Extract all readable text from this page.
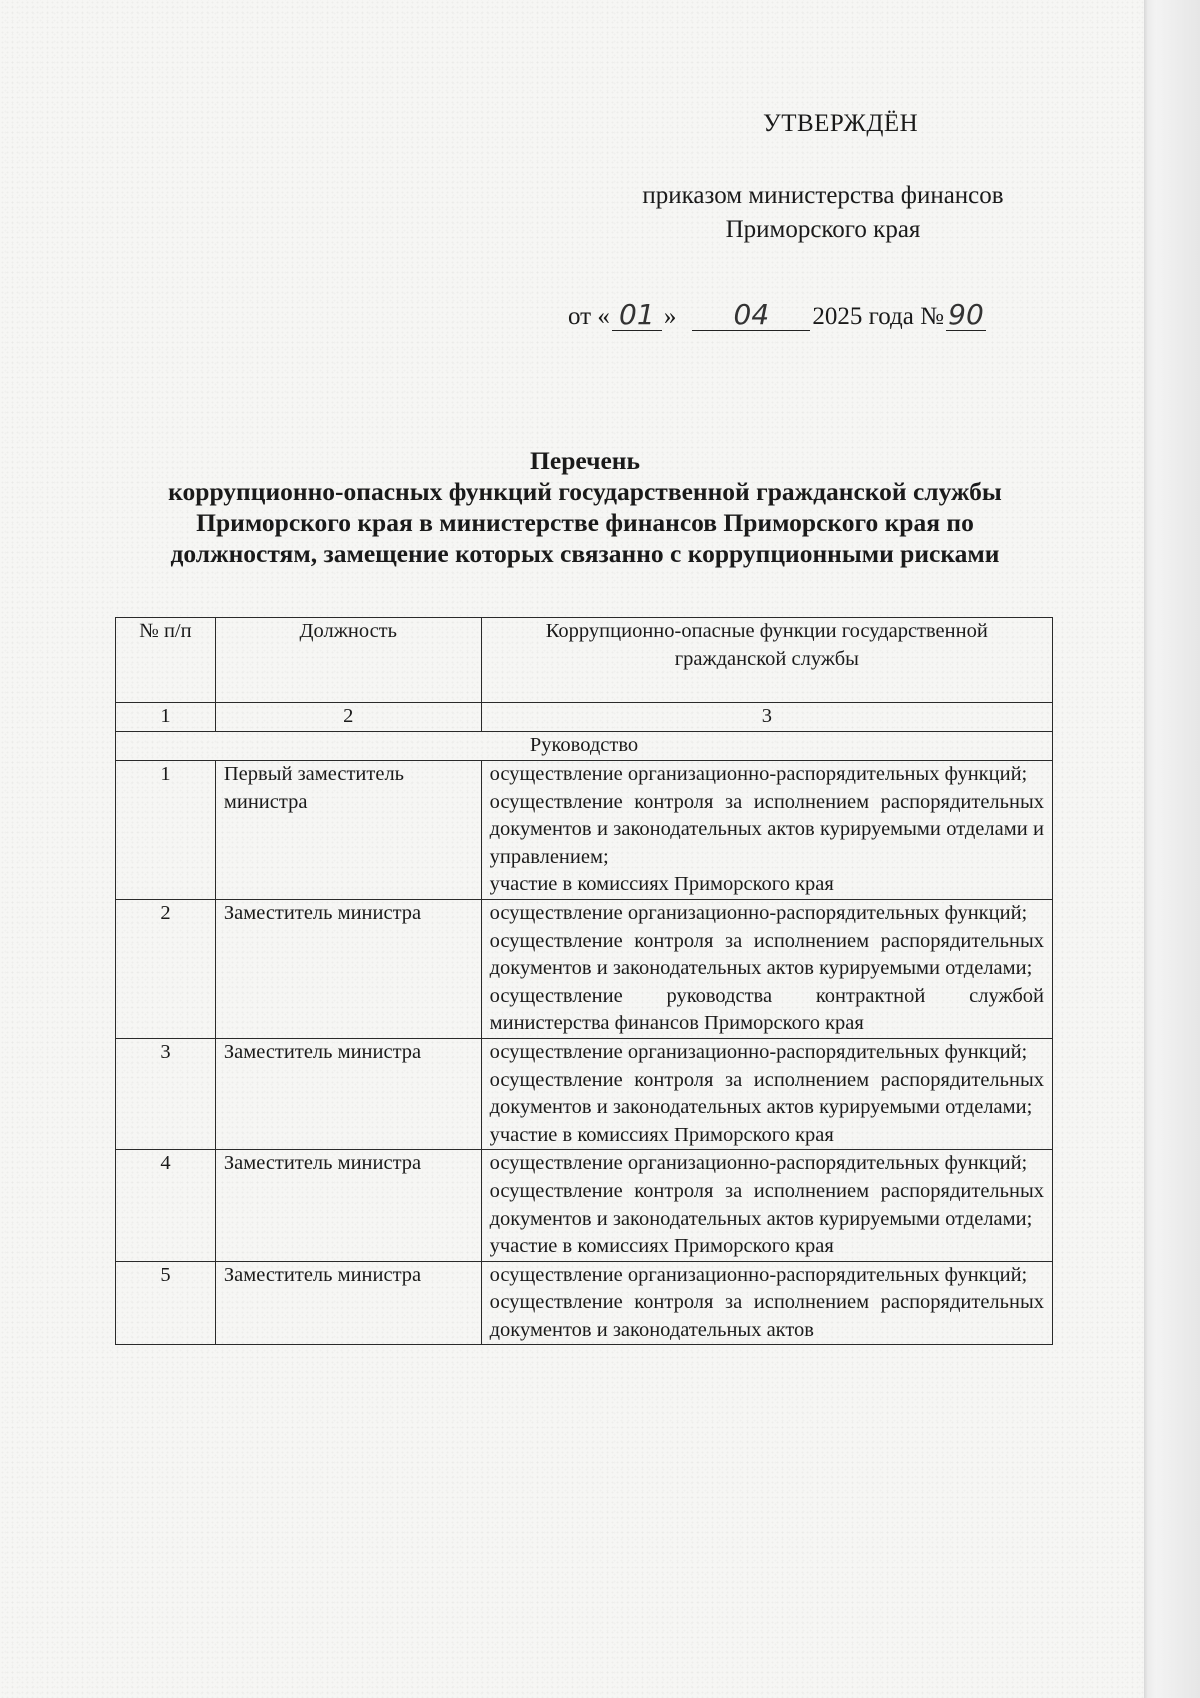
УТВЕРЖДЁН
приказом министерства финансов
Приморского края
от « 01 »	04	2025 года № 90
Перечень
коррупционно-опасных функций государственной гражданской службы
Приморского края в министерстве финансов Приморского края по
должностям, замещение которых связанно с коррупционными рисками
№ п/п	Должность	Коррупционно-опасные функции государственной гражданской службы
1	2	3
Руководство		
1	Первый заместитель министра	осуществление организационно-распорядительных функций;
осуществление контроля за исполнением распорядительных документов и законодательных актов курируемыми отделами и управлением;
участие в комиссиях Приморского края

2	Заместитель министра	осуществление организационно-распорядительных функций;
осуществление контроля за исполнением распорядительных документов и законодательных актов курируемыми отделами;
осуществление руководства контрактной службой министерства финансов Приморского края

3	Заместитель министра	осуществление организационно-распорядительных функций;
осуществление контроля за исполнением распорядительных документов и законодательных актов курируемыми отделами;
участие в комиссиях Приморского края

4	Заместитель министра	осуществление организационно-распорядительных функций;
осуществление контроля за исполнением распорядительных документов и законодательных актов курируемыми отделами;
участие в комиссиях Приморского края

5	Заместитель министра	осуществление организационно-распорядительных функций;
осуществление контроля за исполнением распорядительных документов и законодательных актов
